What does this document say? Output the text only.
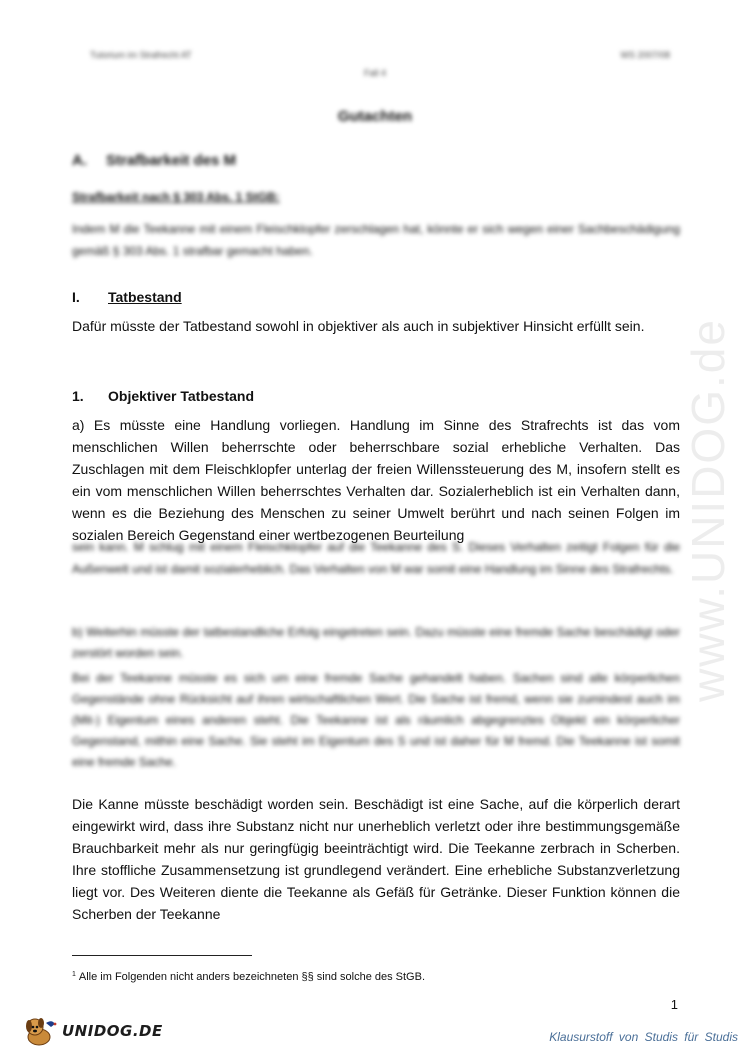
www.UNIDOG.de
Tutorium im Strafrecht AT	WS 2007/08
Fall 4
Gutachten
A. Strafbarkeit des M
Strafbarkeit nach § 303 Abs. 1 StGB:
Indem M die Teekanne mit einem Fleischklopfer zerschlagen hat, könnte er sich wegen einer Sachbeschädigung gemäß § 303 Abs. 1 strafbar gemacht haben.
I. Tatbestand
Dafür müsste der Tatbestand sowohl in objektiver als auch in subjektiver Hinsicht erfüllt sein.
1. Objektiver Tatbestand
a) Es müsste eine Handlung vorliegen. Handlung im Sinne des Strafrechts ist das vom menschlichen Willen beherrschte oder beherrschbare sozial erhebliche Verhalten. Das Zuschlagen mit dem Fleischklopfer unterlag der freien Willenssteuerung des M, insofern stellt es ein vom menschlichen Willen beherrschtes Verhalten dar. Sozialerheblich ist ein Verhalten dann, wenn es die Beziehung des Menschen zu seiner Umwelt berührt und nach seinen Folgen im sozialen Bereich Gegenstand einer wertbezogenen Beurteilung
sein kann. M schlug mit einem Fleischklopfer auf die Teekanne des S. Dieses Verhalten zeitigt Folgen für die Außenwelt und ist damit sozialerheblich. Das Verhalten von M war somit eine Handlung im Sinne des Strafrechts.
b) Weiterhin müsste der tatbestandliche Erfolg eingetreten sein. Dazu müsste eine fremde Sache beschädigt oder zerstört worden sein.
Bei der Teekanne müsste es sich um eine fremde Sache gehandelt haben. Sachen sind alle körperlichen Gegenstände ohne Rücksicht auf ihren wirtschaftlichen Wert. Die Sache ist fremd, wenn sie zumindest auch im (Mit-) Eigentum eines anderen steht. Die Teekanne ist als räumlich abgegrenztes Objekt ein körperlicher Gegenstand, mithin eine Sache. Sie steht im Eigentum des S und ist daher für M fremd. Die Teekanne ist somit eine fremde Sache.
Die Kanne müsste beschädigt worden sein. Beschädigt ist eine Sache, auf die körperlich derart eingewirkt wird, dass ihre Substanz nicht nur unerheblich verletzt oder ihre bestimmungsgemäße Brauchbarkeit mehr als nur geringfügig beeinträchtigt wird. Die Teekanne zerbrach in Scherben. Ihre stoffliche Zusammensetzung ist grundlegend verändert. Eine erhebliche Substanzverletzung liegt vor. Des Weiteren diente die Teekanne als Gefäß für Getränke. Dieser Funktion können die Scherben der Teekanne
$^1$ Alle im Folgenden nicht anders bezeichneten §§ sind solche des StGB.
1
UNIDOG.DE	Klausurstoff von Studis für Studis
